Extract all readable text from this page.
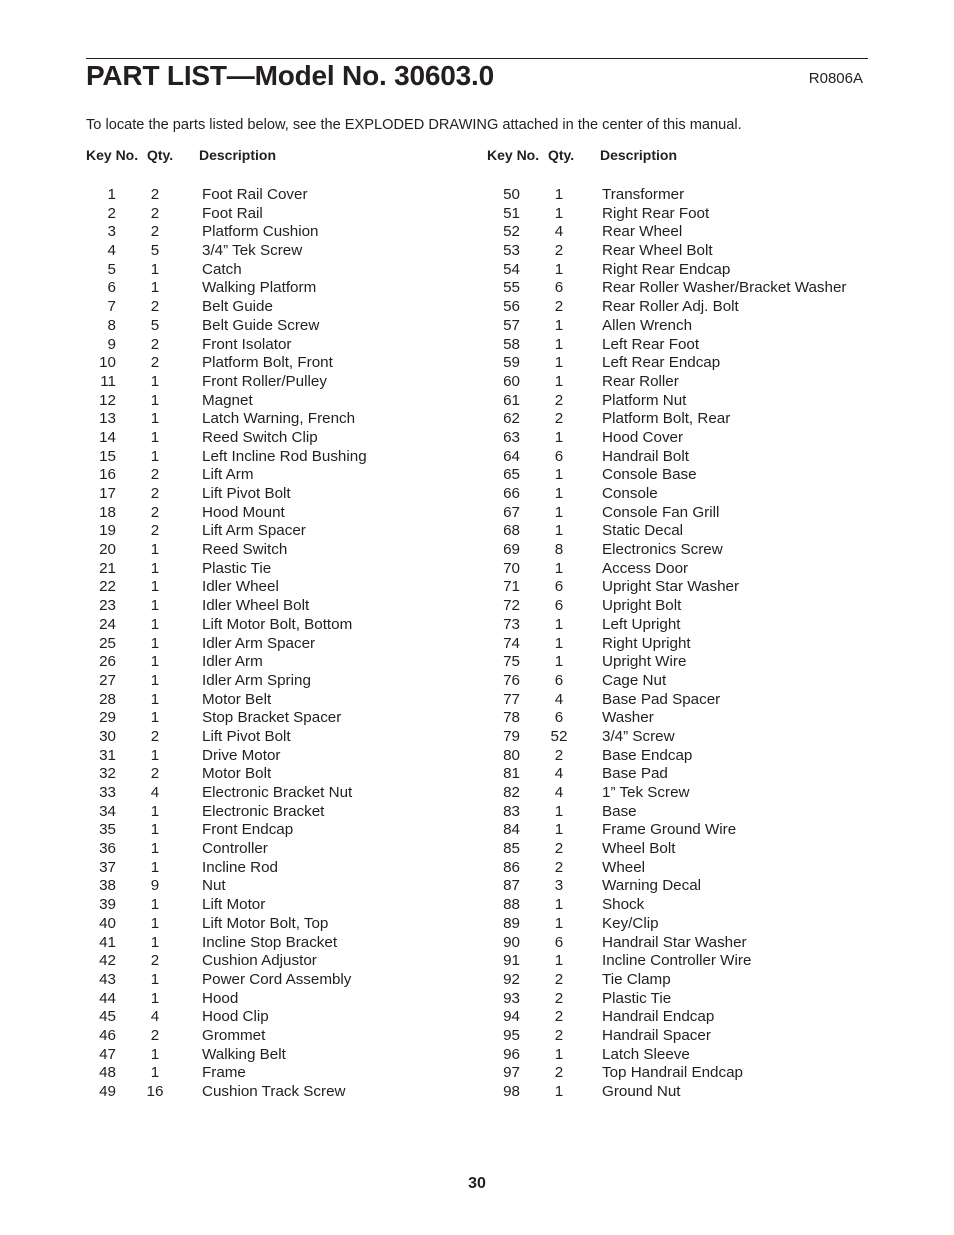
PART LIST—Model No. 30603.0	R0806A
To locate the parts listed below, see the EXPLODED DRAWING attached in the center of this manual.
Key No. Qty. Description
1	2	Foot Rail Cover
2	2	Foot Rail
3	2	Platform Cushion
4	5	3/4” Tek Screw
5	1	Catch
6	1	Walking Platform
7	2	Belt Guide
8	5	Belt Guide Screw
9	2	Front Isolator
10	2	Platform Bolt, Front
11	1	Front Roller/Pulley
12	1	Magnet
13	1	Latch Warning, French
14	1	Reed Switch Clip
15	1	Left Incline Rod Bushing
16	2	Lift Arm
17	2	Lift Pivot Bolt
18	2	Hood Mount
19	2	Lift Arm Spacer
20	1	Reed Switch
21	1	Plastic Tie
22	1	Idler Wheel
23	1	Idler Wheel Bolt
24	1	Lift Motor Bolt, Bottom
25	1	Idler Arm Spacer
26	1	Idler Arm
27	1	Idler Arm Spring
28	1	Motor Belt
29	1	Stop Bracket Spacer
30	2	Lift Pivot Bolt
31	1	Drive Motor
32	2	Motor Bolt
33	4	Electronic Bracket Nut
34	1	Electronic Bracket
35	1	Front Endcap
36	1	Controller
37	1	Incline Rod
38	9	Nut
39	1	Lift Motor
40	1	Lift Motor Bolt, Top
41	1	Incline Stop Bracket
42	2	Cushion Adjustor
43	1	Power Cord Assembly
44	1	Hood
45	4	Hood Clip
46	2	Grommet
47	1	Walking Belt
48	1	Frame
49 16	Cushion Track Screw
Key No. Qty. Description
50	1	Transformer
51	1	Right Rear Foot
52	4	Rear Wheel
53	2	Rear Wheel Bolt
54	1	Right Rear Endcap
55	6	Rear Roller Washer/Bracket Washer
56	2	Rear Roller Adj. Bolt
57	1	Allen Wrench
58	1	Left Rear Foot
59	1	Left Rear Endcap
60	1	Rear Roller
61	2	Platform Nut
62	2	Platform Bolt, Rear
63	1	Hood Cover
64	6	Handrail Bolt
65	1	Console Base
66	1	Console
67	1	Console Fan Grill
68	1	Static Decal
69	8	Electronics Screw
70	1	Access Door
71	6	Upright Star Washer
72	6	Upright Bolt
73	1	Left Upright
74	1	Right Upright
75	1	Upright Wire
76	6	Cage Nut
77	4	Base Pad Spacer
78	6	Washer
79 52 3/4” Screw
80	2	Base Endcap
81	4	Base Pad
82	4	1” Tek Screw
83	1	Base
84	1	Frame Ground Wire
85	2	Wheel Bolt
86	2	Wheel
87	3	Warning Decal
88	1	Shock
89	1	Key/Clip
90	6	Handrail Star Washer
91	1	Incline Controller Wire
92	2	Tie Clamp
93	2	Plastic Tie
94	2	Handrail Endcap
95	2	Handrail Spacer
96	1	Latch Sleeve
97	2	Top Handrail Endcap
98	1	Ground Nut
30
